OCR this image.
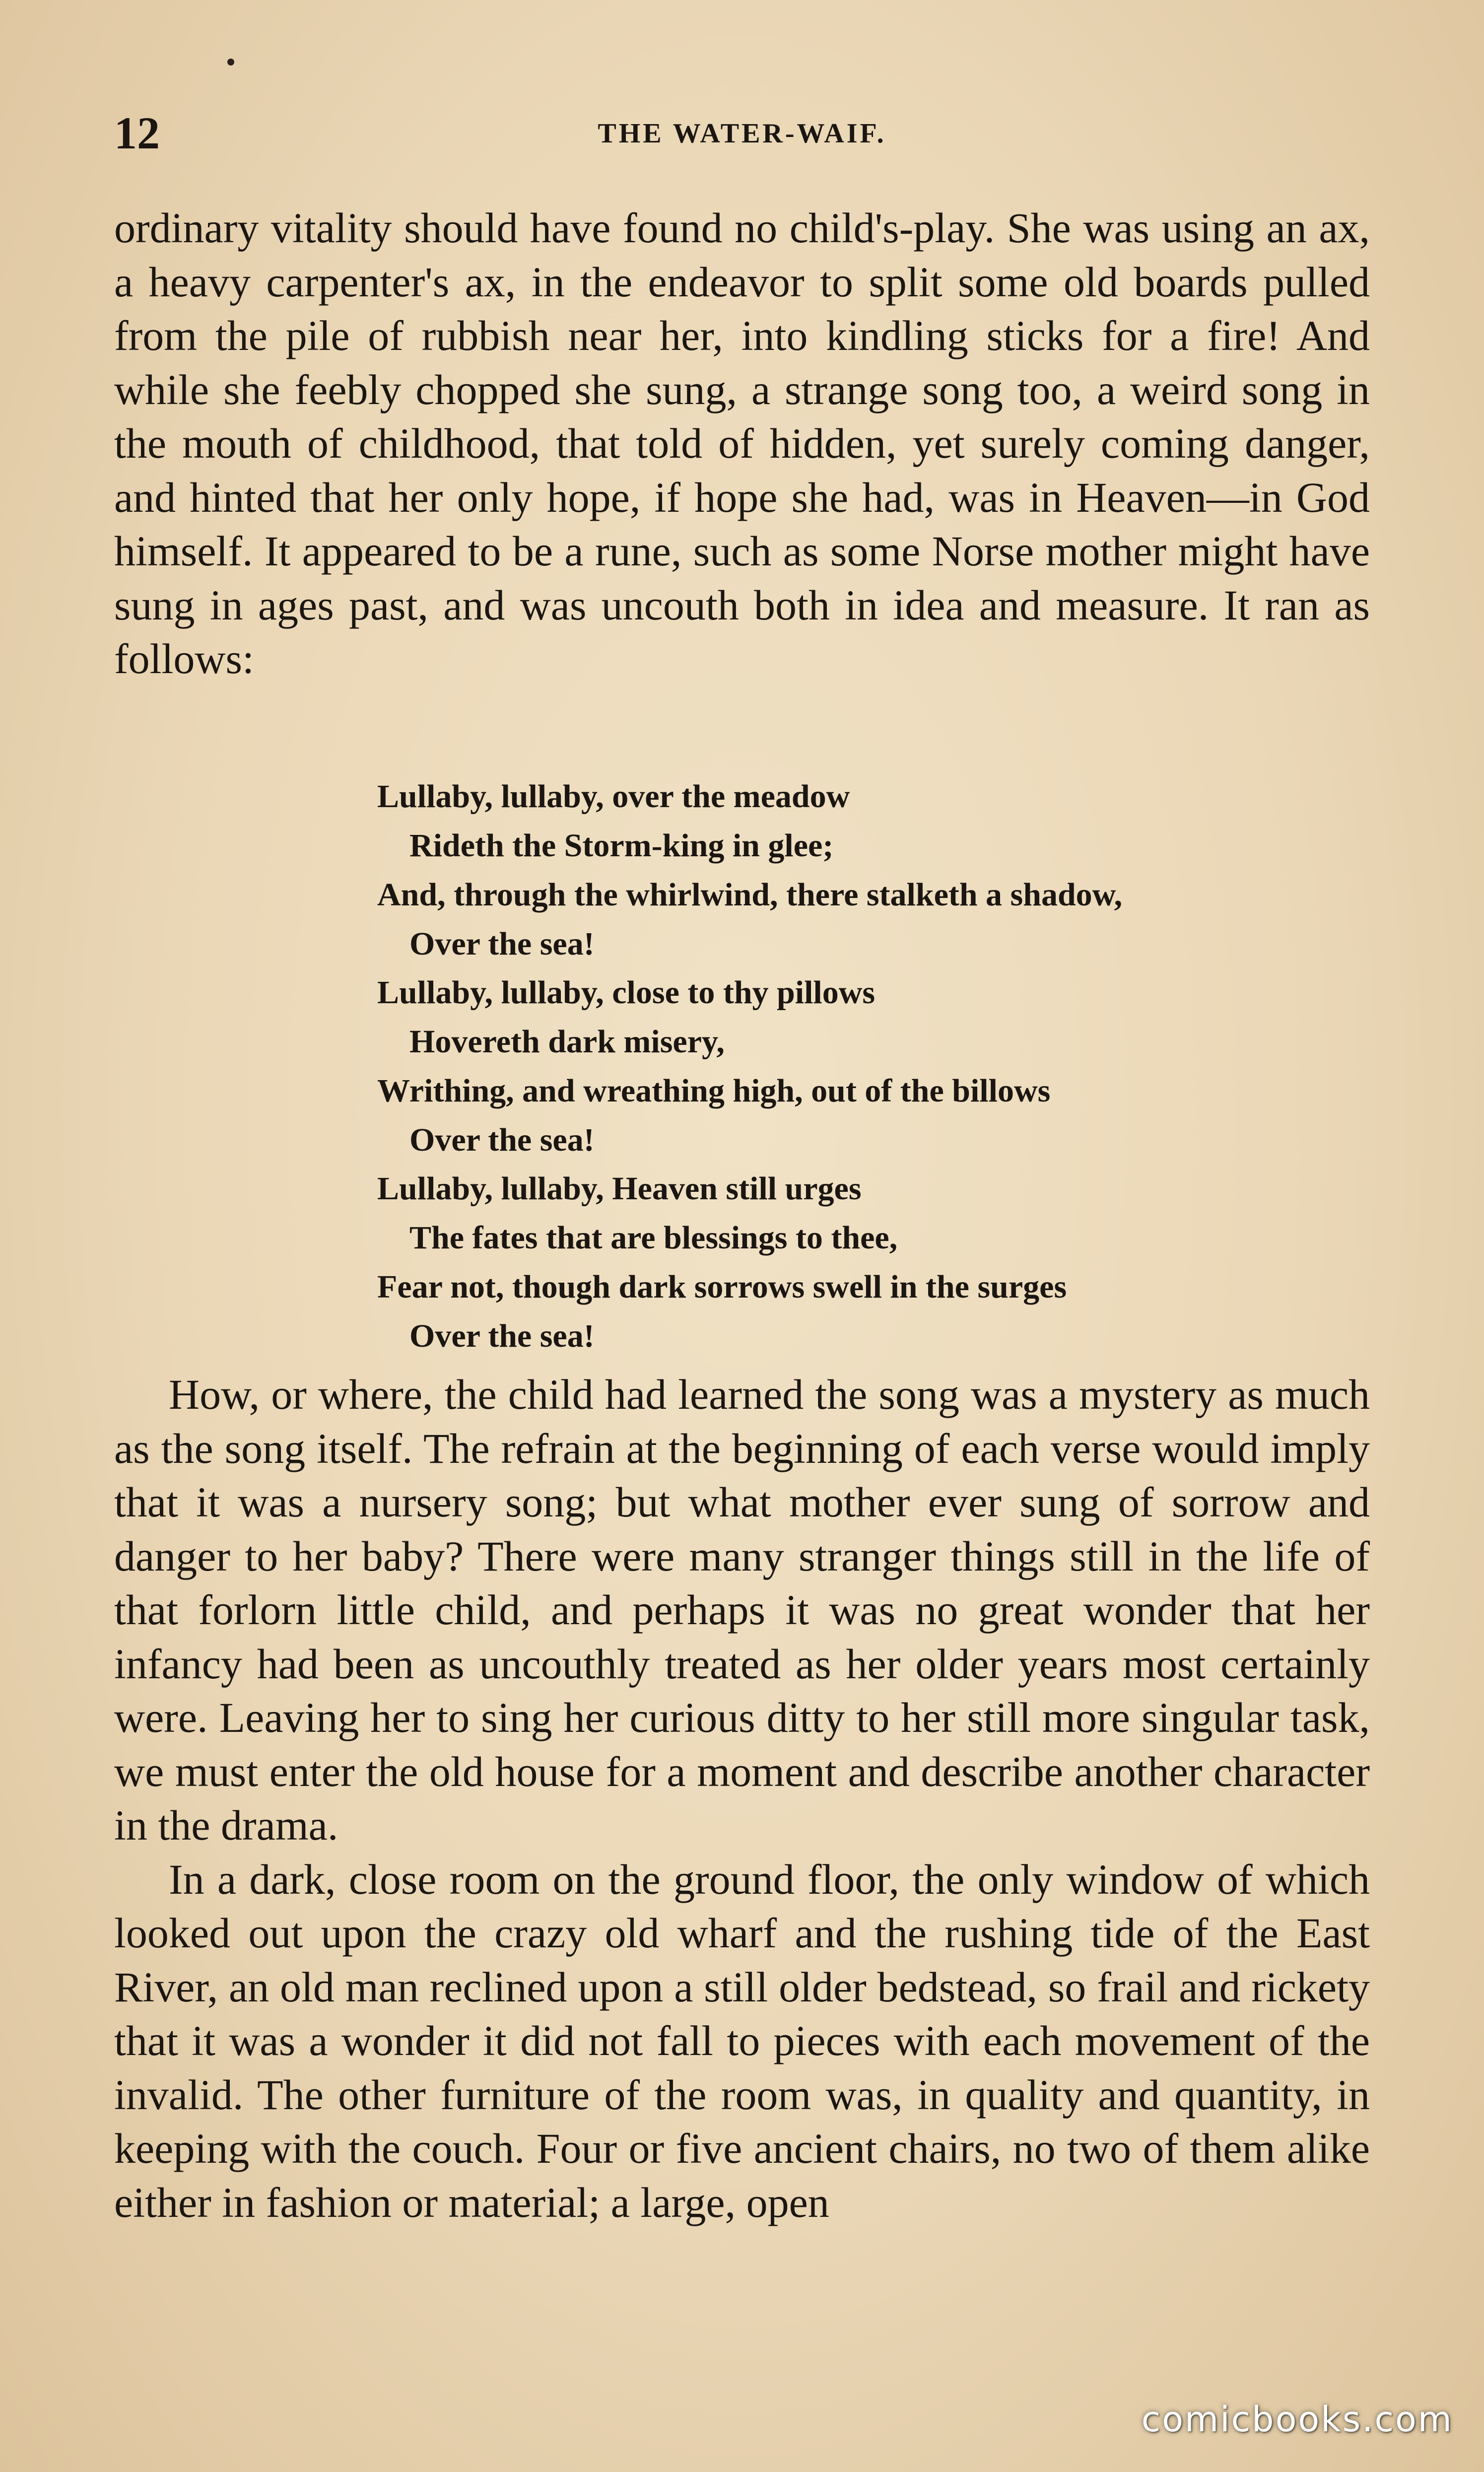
12	THE WATER-WAIF.

ordinary vitality should have found no child's-play. She was using an ax, a heavy carpenter's ax, in the endeavor to split some old boards pulled from the pile of rubbish near her, into kindling sticks for a fire! And while she feebly chopped she sung, a strange song too, a weird song in the mouth of childhood, that told of hidden, yet surely coming danger, and hinted that her only hope, if hope she had, was in Heaven—in God himself. It appeared to be a rune, such as some Norse mother might have sung in ages past, and was uncouth both in idea and measure. It ran as follows:

Lullaby, lullaby, over the meadow
Rideth the Storm-king in glee;
And, through the whirlwind, there stalketh a shadow,
Over the sea!
Lullaby, lullaby, close to thy pillows
Hovereth dark misery,
Writhing, and wreathing high, out of the billows
Over the sea!
Lullaby, lullaby, Heaven still urges
The fates that are blessings to thee,
Fear not, though dark sorrows swell in the surges
Over the sea!

How, or where, the child had learned the song was a mystery as much as the song itself. The refrain at the beginning of each verse would imply that it was a nursery song; but what mother ever sung of sorrow and danger to her baby? There were many stranger things still in the life of that forlorn little child, and perhaps it was no great wonder that her infancy had been as uncouthly treated as her older years most certainly were. Leaving her to sing her curious ditty to her still more singular task, we must enter the old house for a moment and describe another character in the drama.

In a dark, close room on the ground floor, the only window of which looked out upon the crazy old wharf and the rushing tide of the East River, an old man reclined upon a still older bedstead, so frail and rickety that it was a wonder it did not fall to pieces with each movement of the invalid. The other furniture of the room was, in quality and quantity, in keeping with the couch. Four or five ancient chairs, no two of them alike either in fashion or material; a large, open

comicbooks.com
